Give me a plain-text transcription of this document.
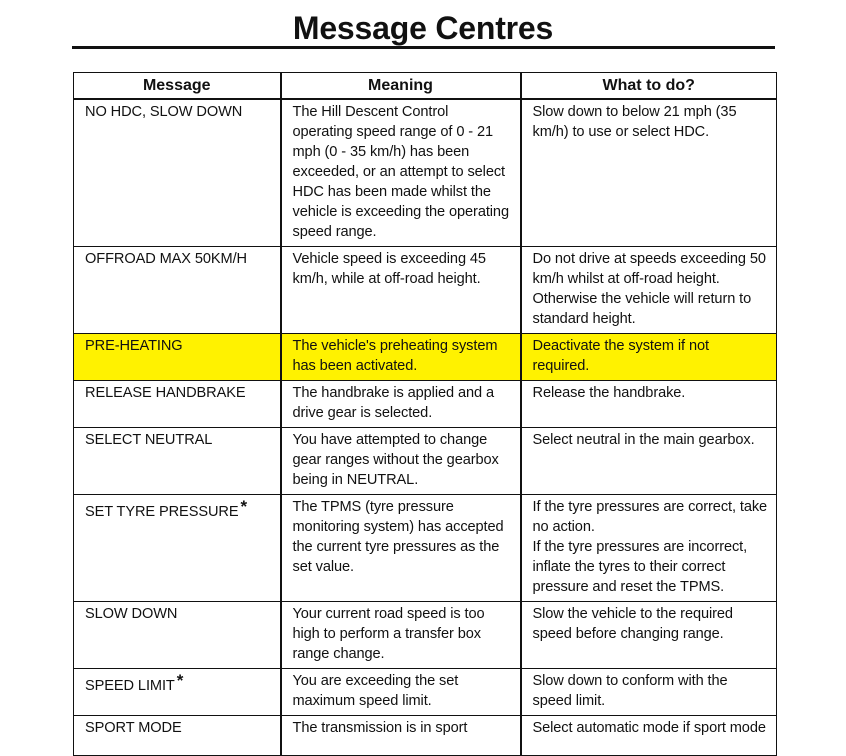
Message Centres
Message	Meaning	What to do?
NO HDC, SLOW DOWN	The Hill Descent Control operating speed range of 0 - 21 mph (0 - 35 km/h) has been exceeded, or an attempt to select HDC has been made whilst the vehicle is exceeding the operating speed range.	Slow down to below 21 mph (35 km/h) to use or select HDC.
OFFROAD MAX 50KM/H	Vehicle speed is exceeding 45 km/h, while at off-road height.	Do not drive at speeds exceeding 50 km/h whilst at off-road height. Otherwise the vehicle will return to standard height.
PRE-HEATING	The vehicle's preheating system has been activated.	Deactivate the system if not required.
RELEASE HANDBRAKE	The handbrake is applied and a drive gear is selected.	Release the handbrake.
SELECT NEUTRAL	You have attempted to change gear ranges without the gearbox being in NEUTRAL.	Select neutral in the main gearbox.
SET TYRE PRESSURE *	The TPMS (tyre pressure monitoring system) has accepted the current tyre pressures as the set value.	If the tyre pressures are correct, take no action.
If the tyre pressures are incorrect, inflate the tyres to their correct pressure and reset the TPMS.
SLOW DOWN	Your current road speed is too high to perform a transfer box range change.	Slow the vehicle to the required speed before changing range.
SPEED LIMIT *	You are exceeding the set maximum speed limit.	Slow down to conform with the speed limit.
SPORT MODE	The transmission is in sport	Select automatic mode if sport mode
